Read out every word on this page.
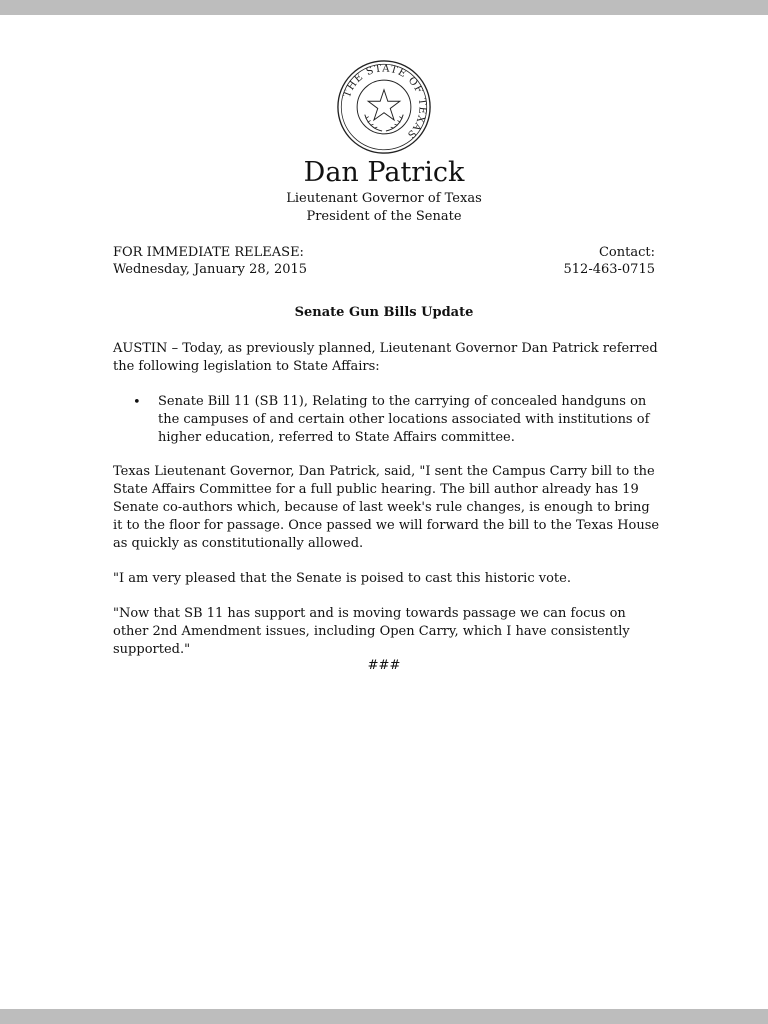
THE STATE OF TEXAS
Dan Patrick
Lieutenant Governor of Texas
President of the Senate
FOR IMMEDIATE RELEASE:
Wednesday, January 28, 2015
Contact:
512-463-0715
Senate Gun Bills Update

AUSTIN – Today, as previously planned, Lieutenant Governor Dan Patrick referred the following legislation to State Affairs:

• Senate Bill 11 (SB 11), Relating to the carrying of concealed handguns on the campuses of and certain other locations associated with institutions of higher education, referred to State Affairs committee.

Texas Lieutenant Governor, Dan Patrick, said, "I sent the Campus Carry bill to the State Affairs Committee for a full public hearing. The bill author already has 19 Senate co-authors which, because of last week's rule changes, is enough to bring it to the floor for passage. Once passed we will forward the bill to the Texas House as quickly as constitutionally allowed.

"I am very pleased that the Senate is poised to cast this historic vote.

"Now that SB 11 has support and is moving towards passage we can focus on other 2nd Amendment issues, including Open Carry, which I have consistently supported."

###
